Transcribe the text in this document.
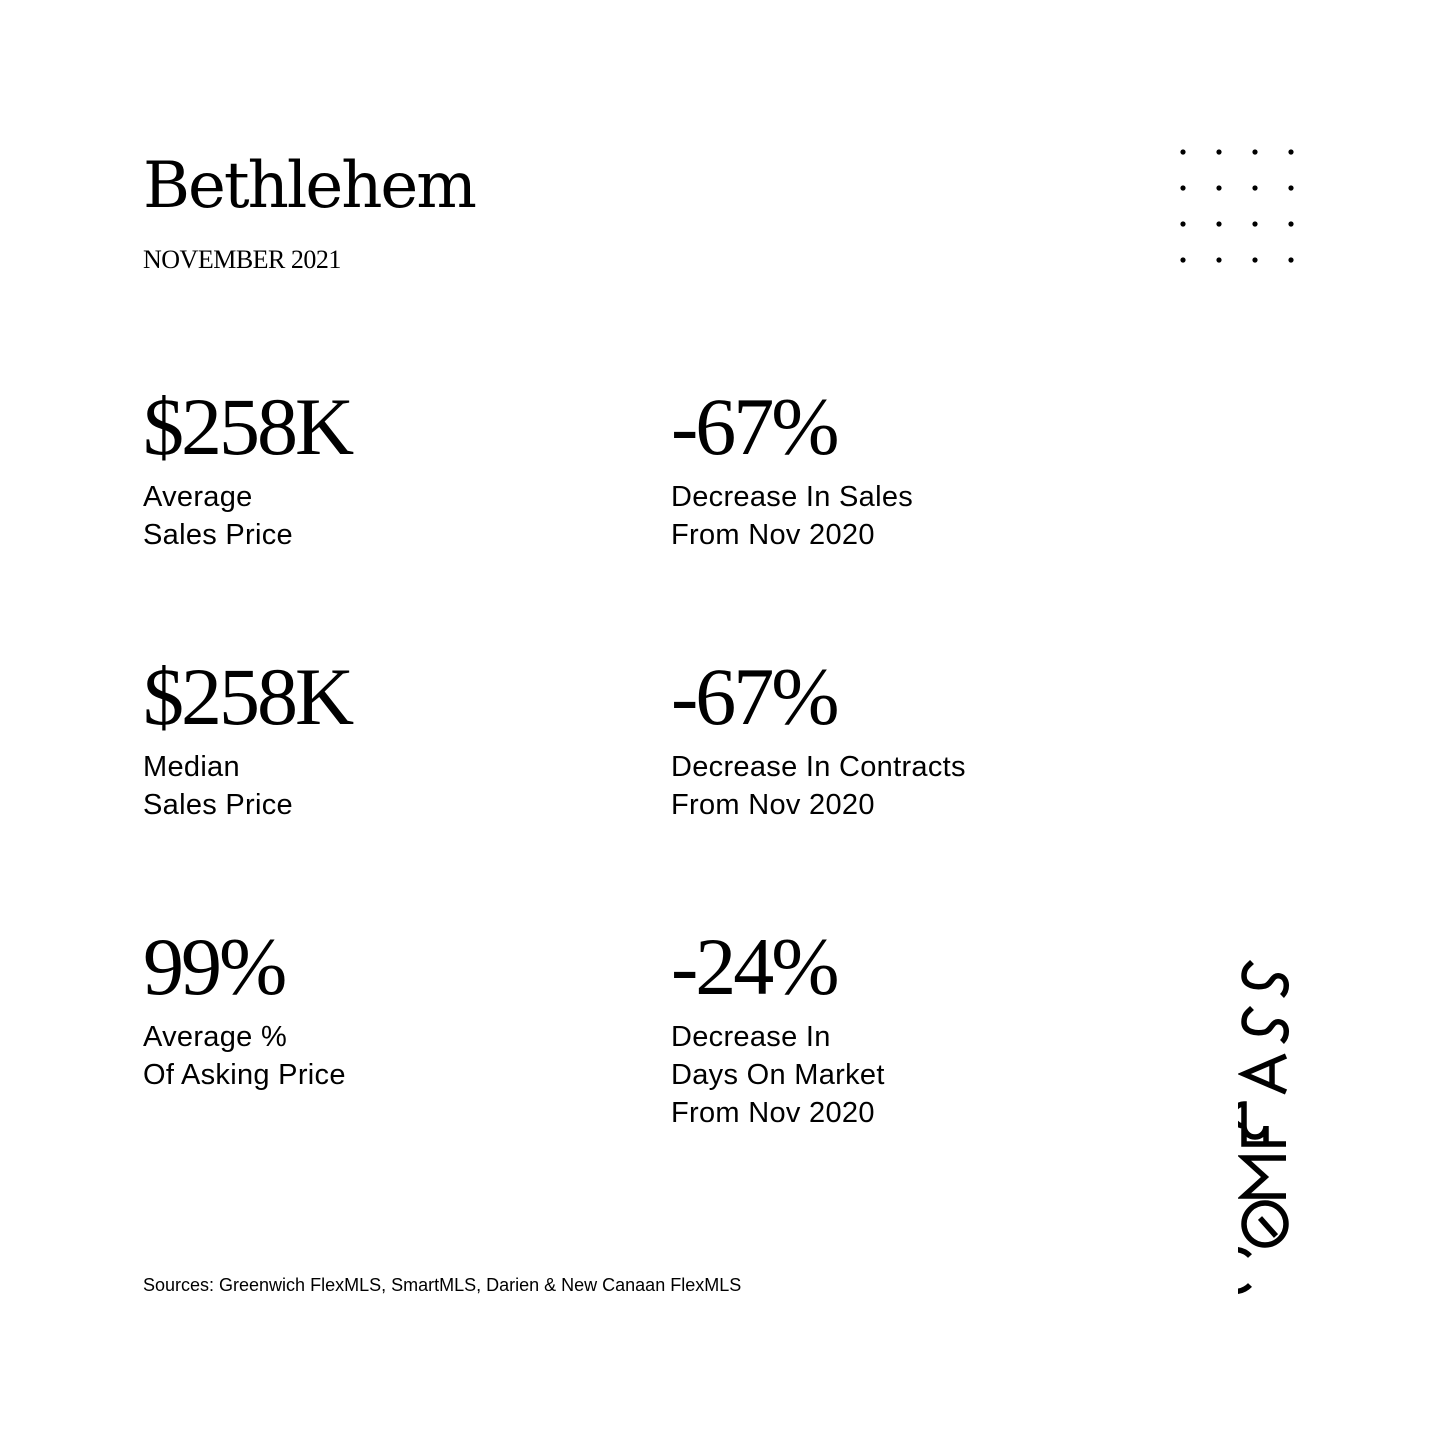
Bethlehem
NOVEMBER 2021
$258K
Average
Sales Price
-67%
Decrease In Sales
From Nov 2020
$258K
Median
Sales Price
-67%
Decrease In Contracts
From Nov 2020
99%
Average %
Of Asking Price
-24%
Decrease In
Days On Market
From Nov 2020
Sources: Greenwich FlexMLS, SmartMLS, Darien & New Canaan FlexMLS
